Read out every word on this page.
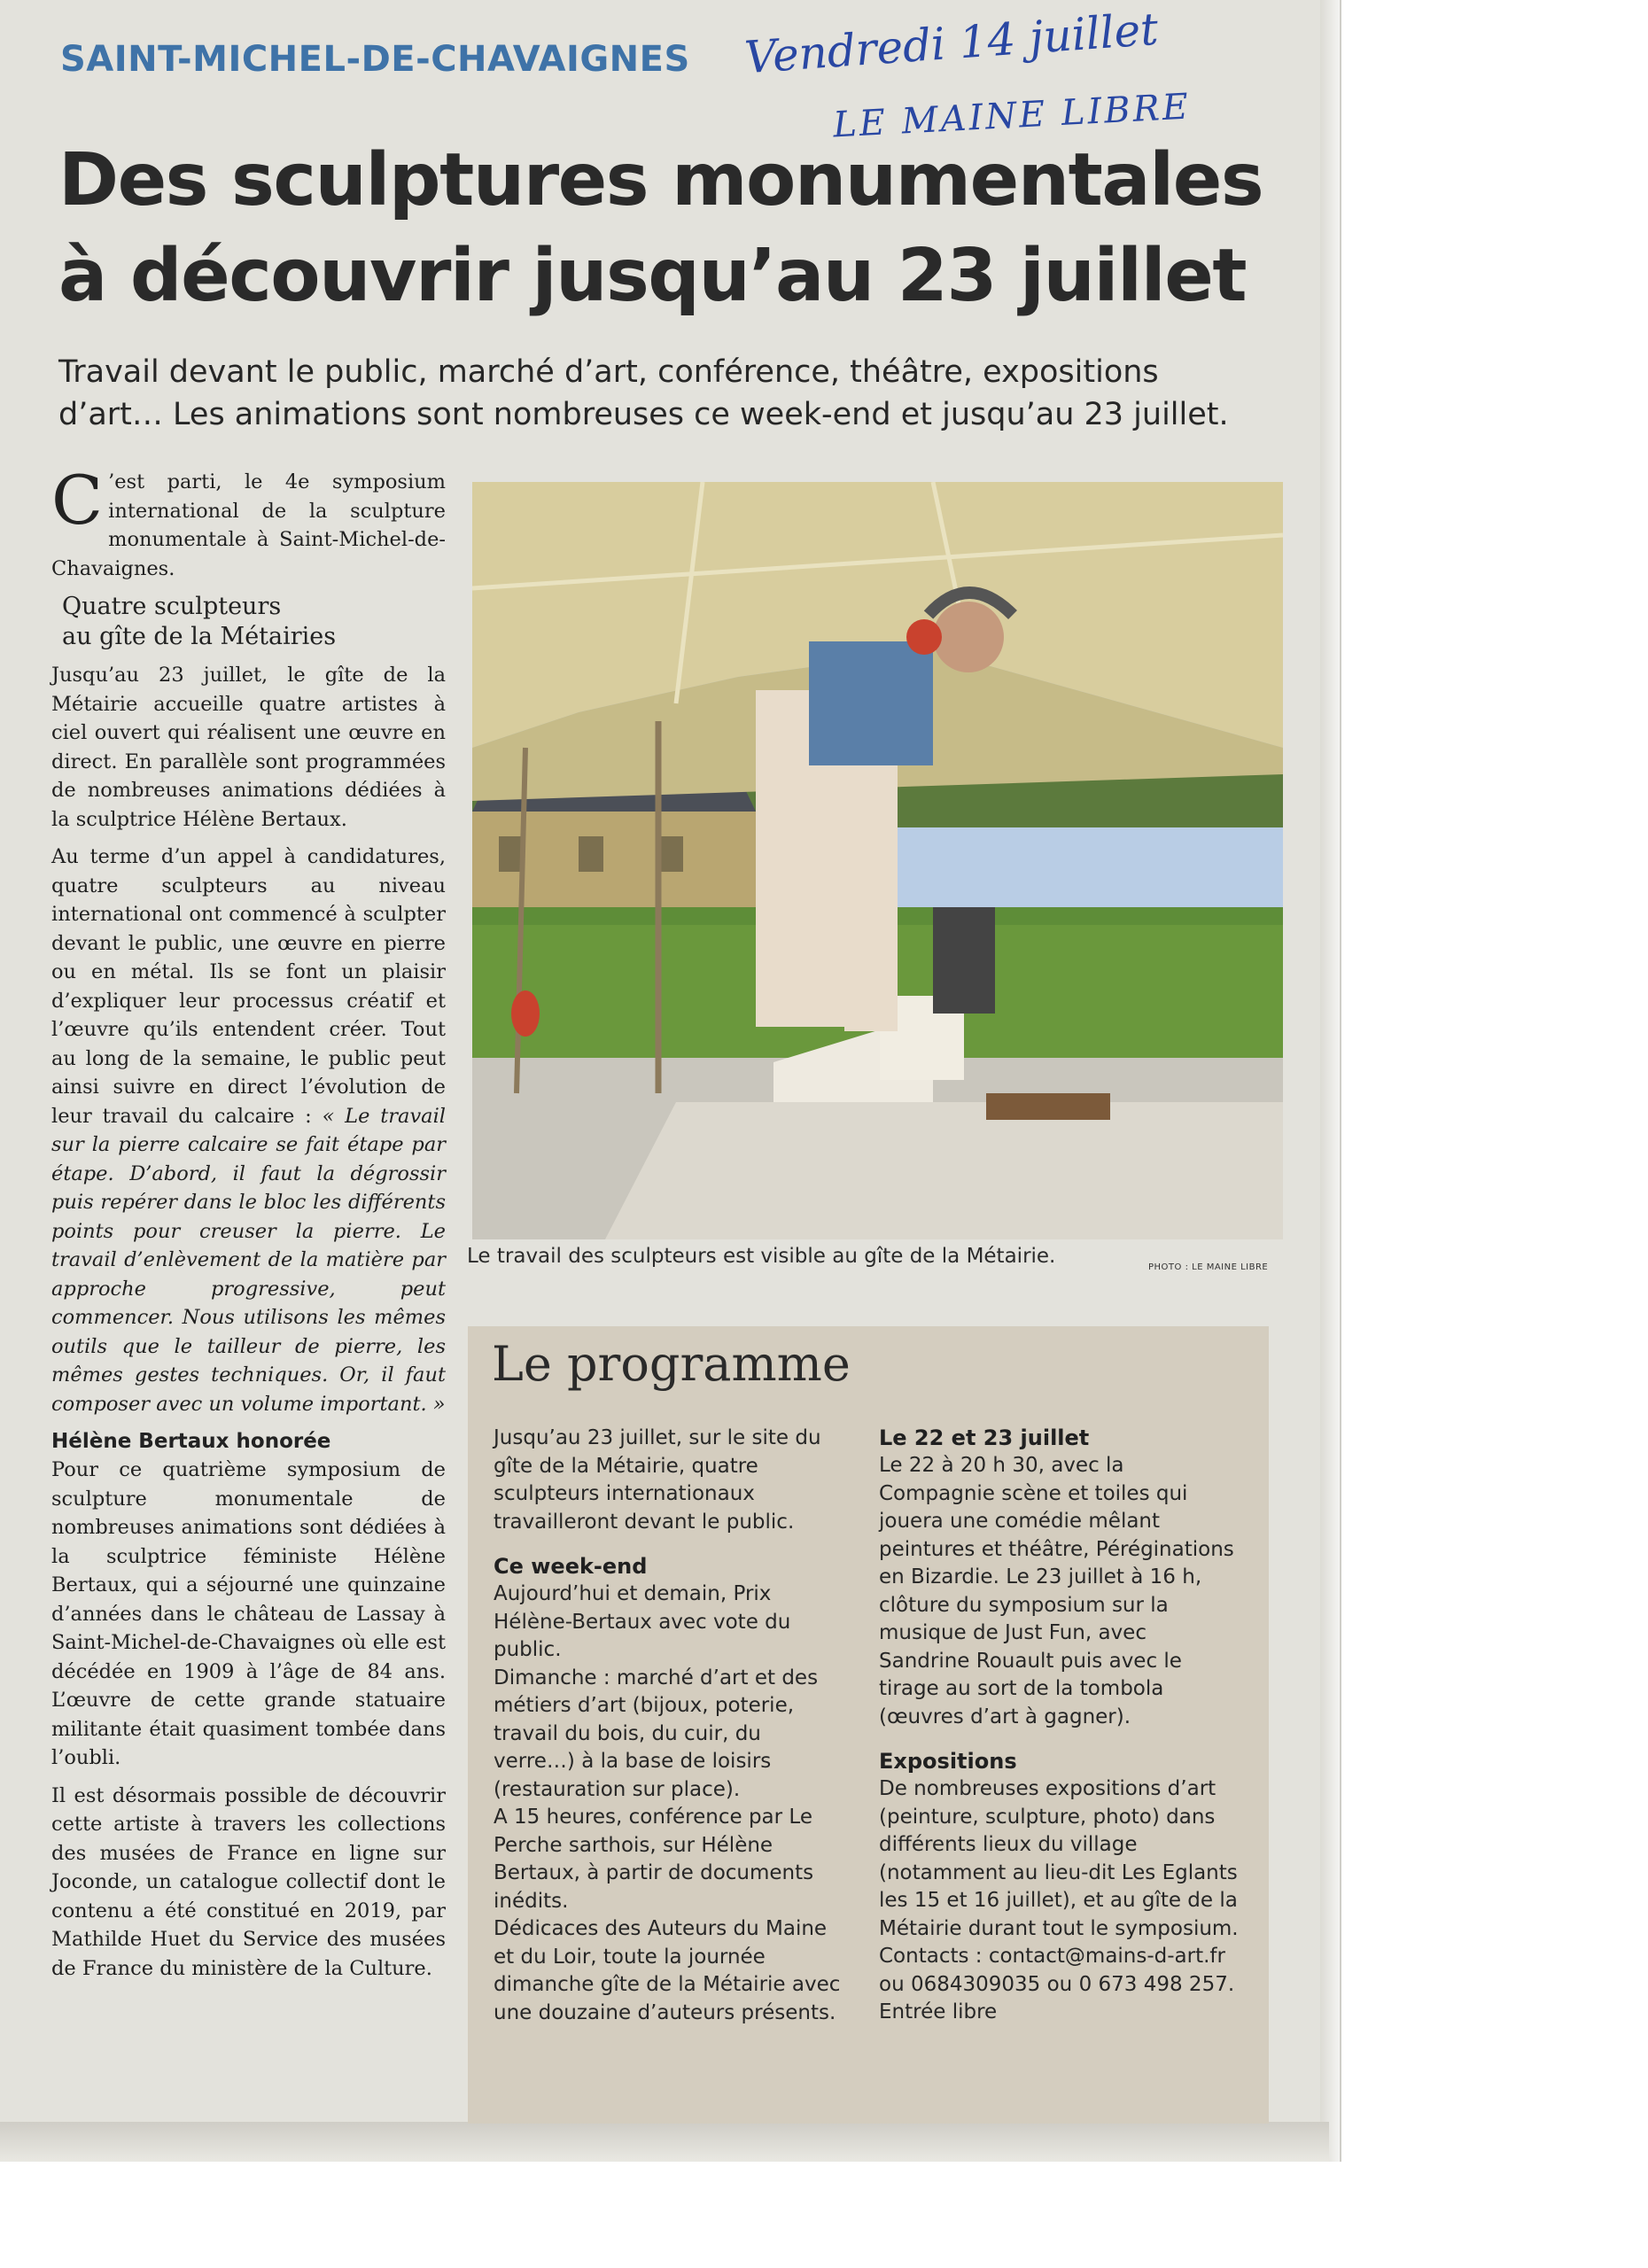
SAINT-MICHEL-DE-CHAVAIGNES Vendredi 14 juillet
LE MAINE LIBRE
Des sculptures monumentales
à découvrir jusqu’au 23 juillet

Travail devant le public, marché d’art, conférence, théâtre, expositions
d’art… Les animations sont nombreuses ce week-end et jusqu’au 23 juillet.

C ’est parti, le 4e symposium international de la sculpture monumentale à Saint-Michel-de-Chavaignes.

Quatre sculpteurs
au gîte de la Métairies

Jusqu’au 23 juillet, le gîte de la Métairie accueille quatre artistes à ciel ouvert qui réalisent une œuvre en direct. En parallèle sont programmées de nombreuses animations dédiées à la sculptrice Hélène Bertaux.

Au terme d’un appel à candidatures, quatre sculpteurs au niveau international ont commencé à sculpter devant le public, une œuvre en pierre ou en métal. Ils se font un plaisir d’expliquer leur processus créatif et l’œuvre qu’ils entendent créer. Tout au long de la semaine, le public peut ainsi suivre en direct l’évolution de leur travail du calcaire : « Le travail sur la pierre calcaire se fait étape par étape. D’abord, il faut la dégrossir puis repérer dans le bloc les différents points pour creuser la pierre. Le travail d’enlèvement de la matière par approche progressive, peut commencer. Nous utilisons les mêmes outils que le tailleur de pierre, les mêmes gestes techniques. Or, il faut composer avec un volume important. »

Hélène Bertaux honorée

Pour ce quatrième symposium de sculpture monumentale de nombreuses animations sont dédiées à la sculptrice féministe Hélène Bertaux, qui a séjourné une quinzaine d’années dans le château de Lassay à Saint-Michel-de-Chavaignes où elle est décédée en 1909 à l’âge de 84 ans. L’œuvre de cette grande statuaire militante était quasiment tombée dans l’oubli.

Il est désormais possible de découvrir cette artiste à travers les collections des musées de France en ligne sur Joconde, un catalogue collectif dont le contenu a été constitué en 2019, par Mathilde Huet du Service des musées de France du ministère de la Culture.

Le travail des sculpteurs est visible au gîte de la Métairie.	PHOTO : LE MAINE LIBRE
Le programme

Jusqu’au 23 juillet, sur le site du gîte de la Métairie, quatre sculpteurs internationaux travailleront devant le public.

Ce week-end
Aujourd’hui et demain, Prix Hélène-Bertaux avec vote du public.
Dimanche : marché d’art et des métiers d’art (bijoux, poterie, travail du bois, du cuir, du verre…) à la base de loisirs (restauration sur place).
A 15 heures, conférence par Le Perche sarthois, sur Hélène Bertaux, à partir de documents inédits.
Dédicaces des Auteurs du Maine et du Loir, toute la journée dimanche gîte de la Métairie avec une douzaine d’auteurs présents.
Le 22 et 23 juillet

Le 22 à 20 h 30, avec la Compagnie scène et toiles qui jouera une comédie mêlant peintures et théâtre, Péréginations en Bizardie. Le 23 juillet à 16 h, clôture du symposium sur la musique de Just Fun, avec Sandrine Rouault puis avec le tirage au sort de la tombola (œuvres d’art à gagner).

Expositions
De nombreuses expositions d’art (peinture, sculpture, photo) dans différents lieux du village (notamment au lieu-dit Les Eglants les 15 et 16 juillet), et au gîte de la Métairie durant tout le symposium.
Contacts : contact@mains-d-art.fr ou 0684309035 ou 0 673 498 257. Entrée libre
